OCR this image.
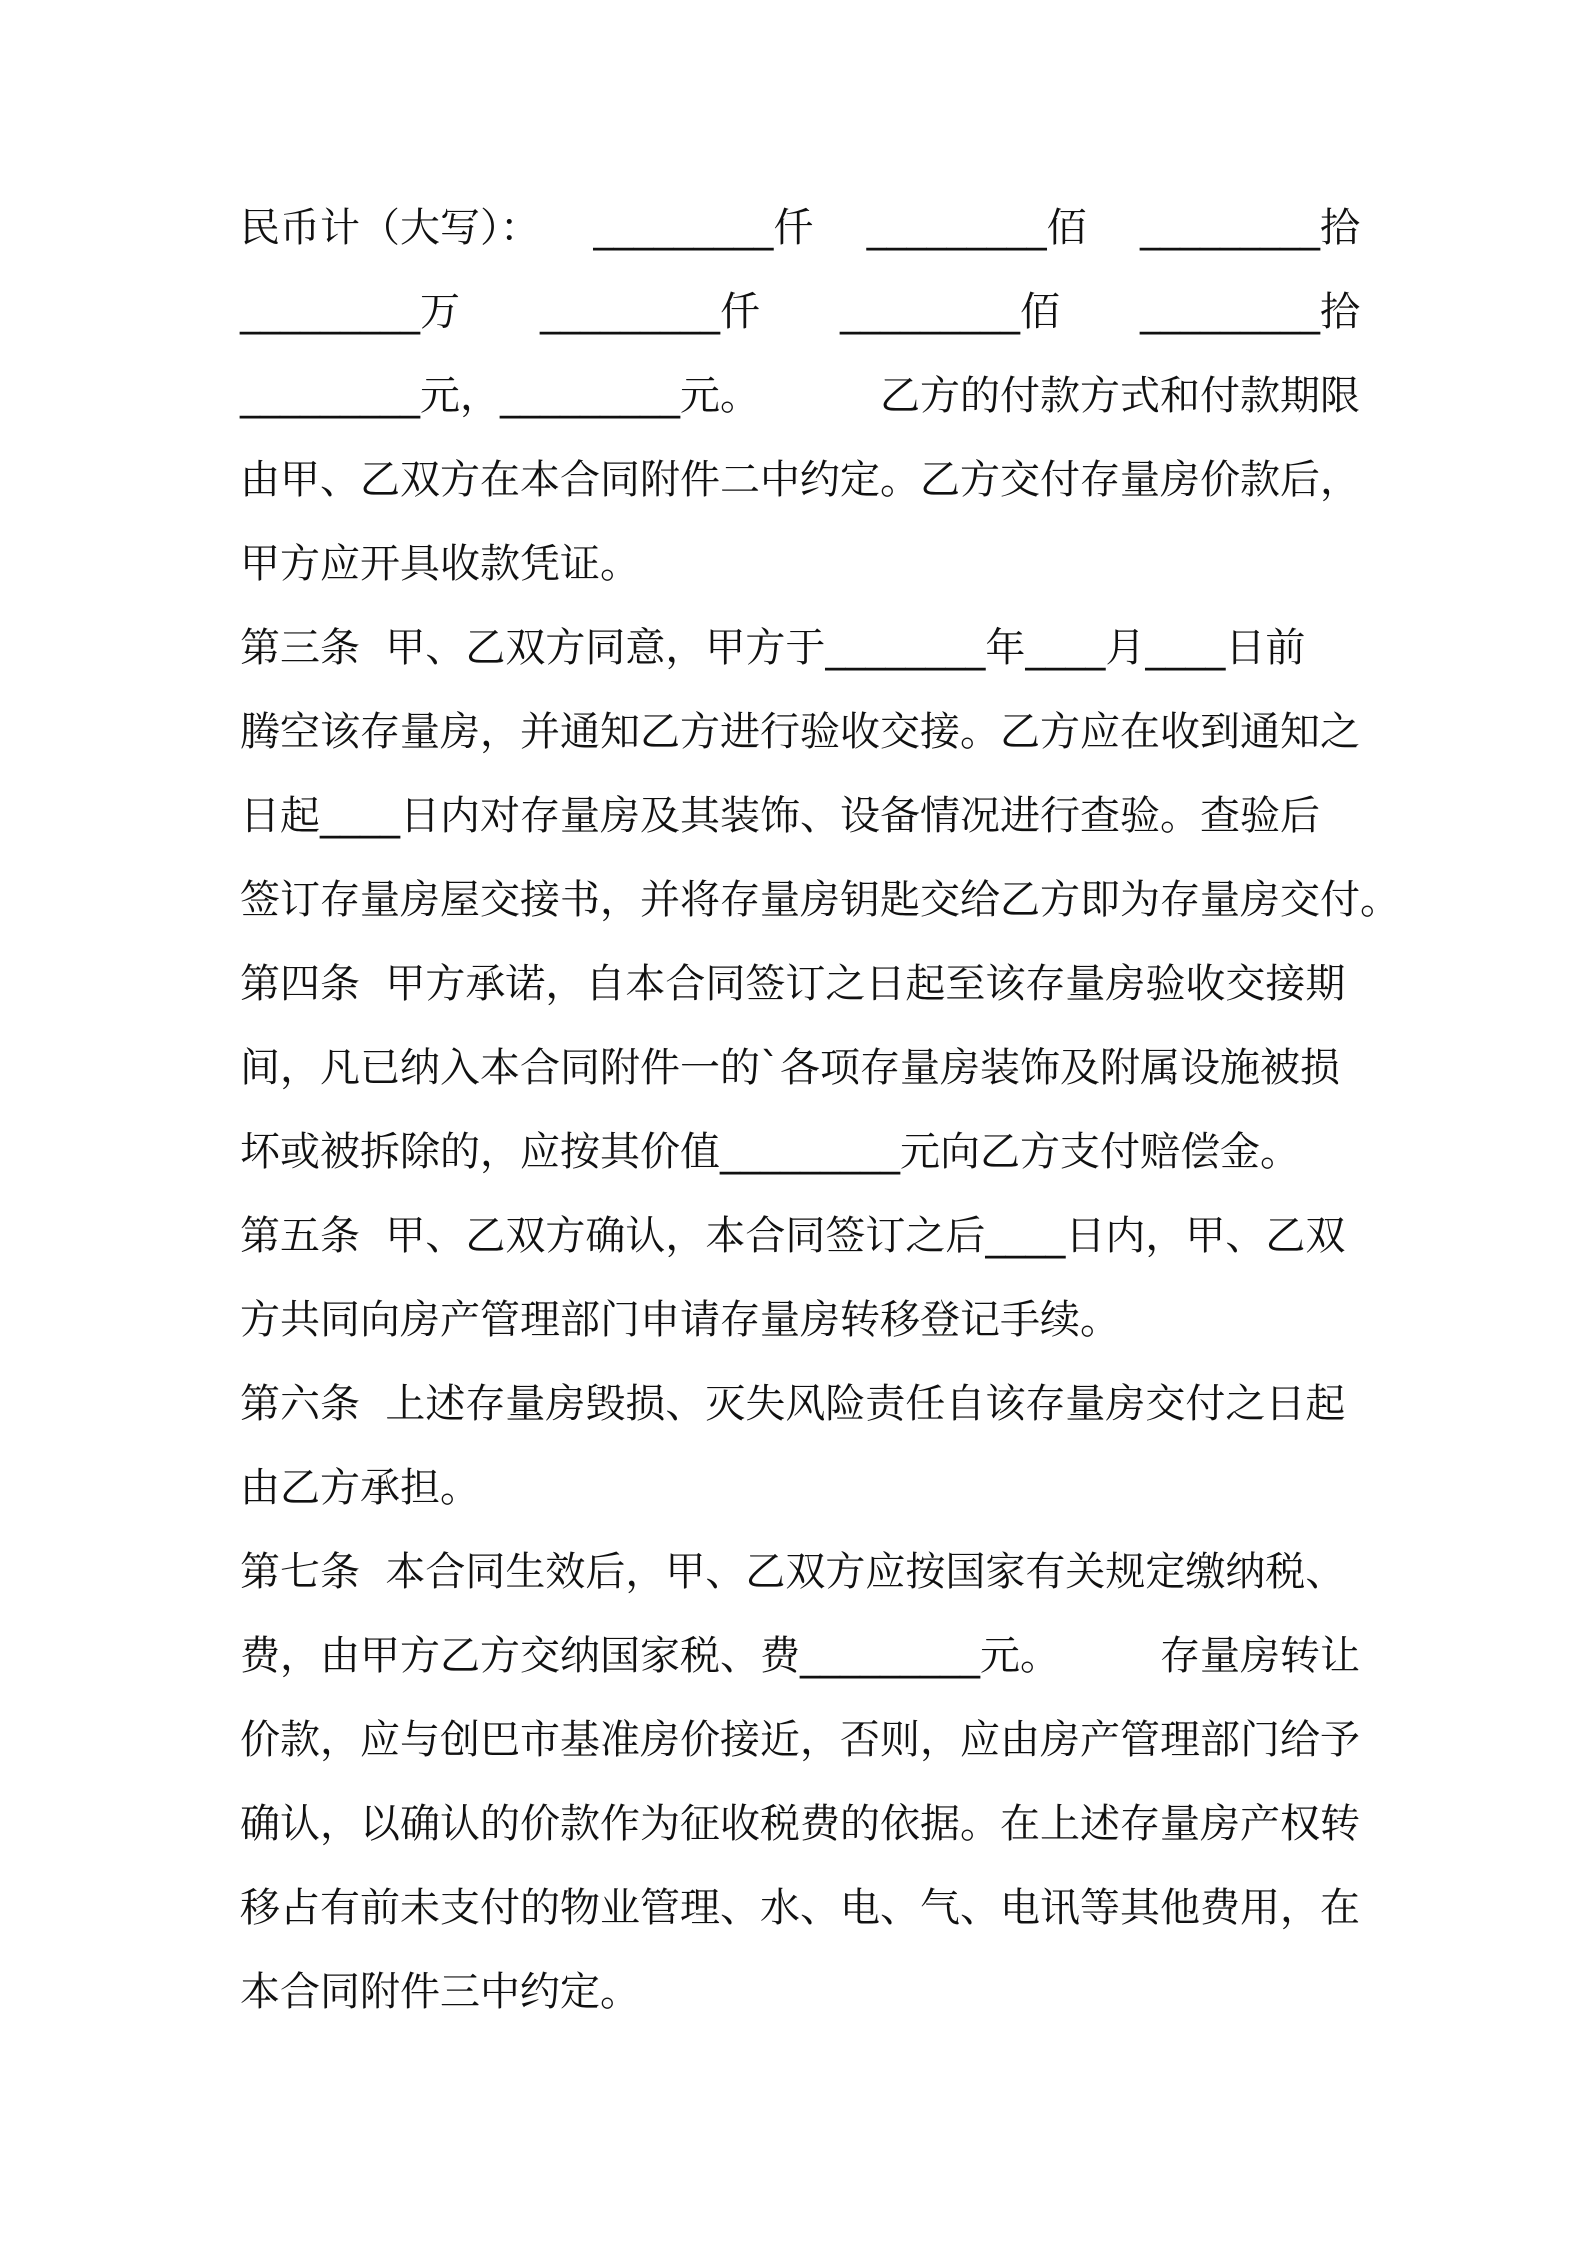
民币计（大写）： _________仟 _________佰 _________拾
_________万 _________仟 _________佰 _________拾
_________元，_________元。	乙方的付款方式和付款期限
由甲、乙双方在本合同附件二中约定。乙方交付存量房价款后，
甲方应开具收款凭证。
第三条  甲、乙双方同意，甲方于________年____月____日前
腾空该存量房，并通知乙方进行验收交接。乙方应在收到通知之
日起____日内对存量房及其装饰、设备情况进行查验。查验后
签订存量房屋交接书，并将存量房钥匙交给乙方即为存量房交付。
第四条  甲方承诺，自本合同签订之日起至该存量房验收交接期
间，凡已纳入本合同附件一的`各项存量房装饰及附属设施被损
坏或被拆除的，应按其价值_________元向乙方支付赔偿金。
第五条  甲、乙双方确认，本合同签订之后____日内，甲、乙双
方共同向房产管理部门申请存量房转移登记手续。
第六条  上述存量房毁损、灭失风险责任自该存量房交付之日起
由乙方承担。
第七条  本合同生效后，甲、乙双方应按国家有关规定缴纳税、
费，由甲方乙方交纳国家税、费_________元。	存量房转让
价款，应与创巴市基准房价接近，否则，应由房产管理部门给予
确认，以确认的价款作为征收税费的依据。在上述存量房产权转
移占有前未支付的物业管理、水、电、气、电讯等其他费用，在
本合同附件三中约定。
